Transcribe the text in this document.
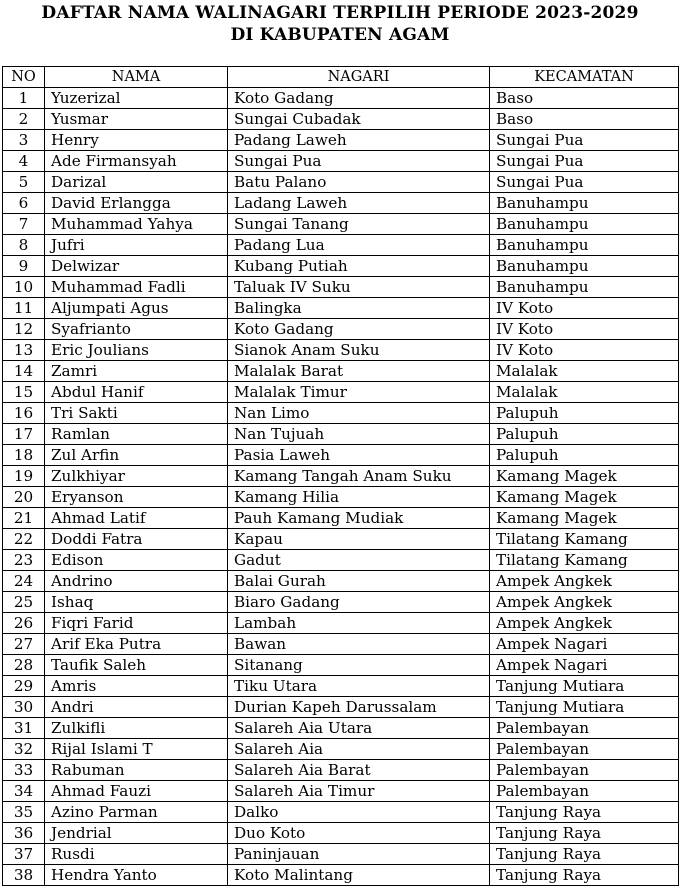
DAFTAR NAMA WALINAGARI TERPILIH PERIODE 2023-2029
DI KABUPATEN AGAM
NO	NAMA	NAGARI	KECAMATAN
1	Yuzerizal	Koto Gadang	Baso
2	Yusmar	Sungai Cubadak	Baso
3	Henry	Padang Laweh	Sungai Pua
4	Ade Firmansyah	Sungai Pua	Sungai Pua
5	Darizal	Batu Palano	Sungai Pua
6	David Erlangga	Ladang Laweh	Banuhampu
7	Muhammad Yahya	Sungai Tanang	Banuhampu
8	Jufri	Padang Lua	Banuhampu
9	Delwizar	Kubang Putiah	Banuhampu
10	Muhammad Fadli	Taluak IV Suku	Banuhampu
11	Aljumpati Agus	Balingka	IV Koto
12	Syafrianto	Koto Gadang	IV Koto
13	Eric Joulians	Sianok Anam Suku	IV Koto
14	Zamri	Malalak Barat	Malalak
15	Abdul Hanif	Malalak Timur	Malalak
16	Tri Sakti	Nan Limo	Palupuh
17	Ramlan	Nan Tujuah	Palupuh
18	Zul Arfin	Pasia Laweh	Palupuh
19	Zulkhiyar	Kamang Tangah Anam Suku	Kamang Magek
20	Eryanson	Kamang Hilia	Kamang Magek
21	Ahmad Latif	Pauh Kamang Mudiak	Kamang Magek
22	Doddi Fatra	Kapau	Tilatang Kamang
23	Edison	Gadut	Tilatang Kamang
24	Andrino	Balai Gurah	Ampek Angkek
25	Ishaq	Biaro Gadang	Ampek Angkek
26	Fiqri Farid	Lambah	Ampek Angkek
27	Arif Eka Putra	Bawan	Ampek Nagari
28	Taufik Saleh	Sitanang	Ampek Nagari
29	Amris	Tiku Utara	Tanjung Mutiara
30	Andri	Durian Kapeh Darussalam	Tanjung Mutiara
31	Zulkifli	Salareh Aia Utara	Palembayan
32	Rijal Islami T	Salareh Aia	Palembayan
33	Rabuman	Salareh Aia Barat	Palembayan
34	Ahmad Fauzi	Salareh Aia Timur	Palembayan
35	Azino Parman	Dalko	Tanjung Raya
36	Jendrial	Duo Koto	Tanjung Raya
37	Rusdi	Paninjauan	Tanjung Raya
38	Hendra Yanto	Koto Malintang	Tanjung Raya
